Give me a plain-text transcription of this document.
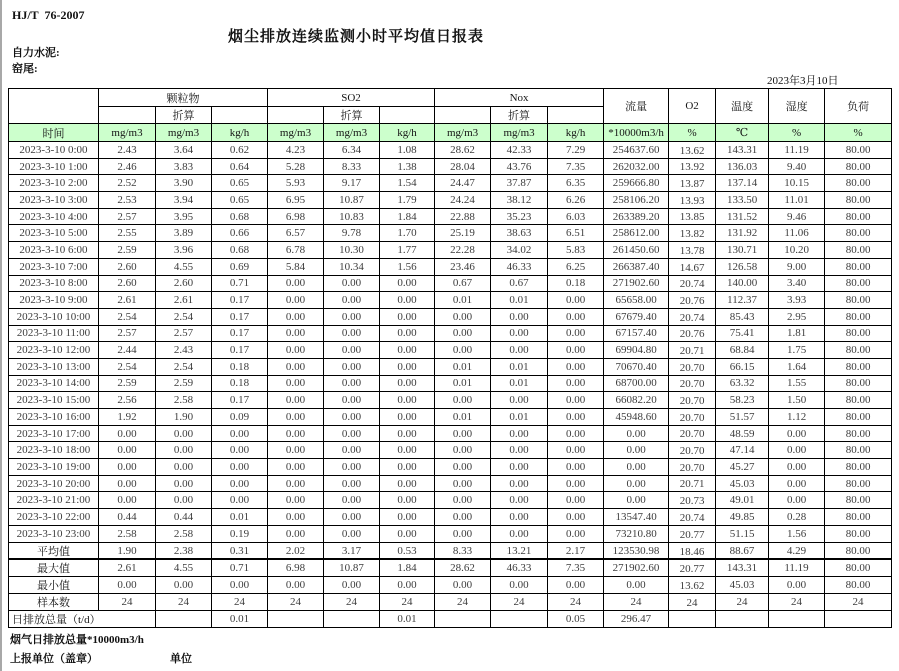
HJ/T  76-2007
烟尘排放连续监测小时平均值日报表
自力水泥:
窑尾:
2023年3月10日
	颗粒物			SO2			Nox			流量	O2	温度	湿度	负荷
		折算			折算			折算						
时间	mg/m3	mg/m3	kg/h	mg/m3	mg/m3	kg/h	mg/m3	mg/m3	kg/h	*10000m3/h	%	℃	%	%
2023-3-10 0:00	2.43	3.64	0.62	4.23	6.34	1.08	28.62	42.33	7.29	254637.60	13.62	143.31	11.19	80.00
2023-3-10 1:00	2.46	3.83	0.64	5.28	8.33	1.38	28.04	43.76	7.35	262032.00	13.92	136.03	9.40	80.00
2023-3-10 2:00	2.52	3.90	0.65	5.93	9.17	1.54	24.47	37.87	6.35	259666.80	13.87	137.14	10.15	80.00
2023-3-10 3:00	2.53	3.94	0.65	6.95	10.87	1.79	24.24	38.12	6.26	258106.20	13.93	133.50	11.01	80.00
2023-3-10 4:00	2.57	3.95	0.68	6.98	10.83	1.84	22.88	35.23	6.03	263389.20	13.85	131.52	9.46	80.00
2023-3-10 5:00	2.55	3.89	0.66	6.57	9.78	1.70	25.19	38.63	6.51	258612.00	13.82	131.92	11.06	80.00
2023-3-10 6:00	2.59	3.96	0.68	6.78	10.30	1.77	22.28	34.02	5.83	261450.60	13.78	130.71	10.20	80.00
2023-3-10 7:00	2.60	4.55	0.69	5.84	10.34	1.56	23.46	46.33	6.25	266387.40	14.67	126.58	9.00	80.00
2023-3-10 8:00	2.60	2.60	0.71	0.00	0.00	0.00	0.67	0.67	0.18	271902.60	20.74	140.00	3.40	80.00
2023-3-10 9:00	2.61	2.61	0.17	0.00	0.00	0.00	0.01	0.01	0.00	65658.00	20.76	112.37	3.93	80.00
2023-3-10 10:00	2.54	2.54	0.17	0.00	0.00	0.00	0.00	0.00	0.00	67679.40	20.74	85.43	2.95	80.00
2023-3-10 11:00	2.57	2.57	0.17	0.00	0.00	0.00	0.00	0.00	0.00	67157.40	20.76	75.41	1.81	80.00
2023-3-10 12:00	2.44	2.43	0.17	0.00	0.00	0.00	0.00	0.00	0.00	69904.80	20.71	68.84	1.75	80.00
2023-3-10 13:00	2.54	2.54	0.18	0.00	0.00	0.00	0.01	0.01	0.00	70670.40	20.70	66.15	1.64	80.00
2023-3-10 14:00	2.59	2.59	0.18	0.00	0.00	0.00	0.01	0.01	0.00	68700.00	20.70	63.32	1.55	80.00
2023-3-10 15:00	2.56	2.58	0.17	0.00	0.00	0.00	0.00	0.00	0.00	66082.20	20.70	58.23	1.50	80.00
2023-3-10 16:00	1.92	1.90	0.09	0.00	0.00	0.00	0.01	0.01	0.00	45948.60	20.70	51.57	1.12	80.00
2023-3-10 17:00	0.00	0.00	0.00	0.00	0.00	0.00	0.00	0.00	0.00	0.00	20.70	48.59	0.00	80.00
2023-3-10 18:00	0.00	0.00	0.00	0.00	0.00	0.00	0.00	0.00	0.00	0.00	20.70	47.14	0.00	80.00
2023-3-10 19:00	0.00	0.00	0.00	0.00	0.00	0.00	0.00	0.00	0.00	0.00	20.70	45.27	0.00	80.00
2023-3-10 20:00	0.00	0.00	0.00	0.00	0.00	0.00	0.00	0.00	0.00	0.00	20.71	45.03	0.00	80.00
2023-3-10 21:00	0.00	0.00	0.00	0.00	0.00	0.00	0.00	0.00	0.00	0.00	20.73	49.01	0.00	80.00
2023-3-10 22:00	0.44	0.44	0.01	0.00	0.00	0.00	0.00	0.00	0.00	13547.40	20.74	49.85	0.28	80.00
2023-3-10 23:00	2.58	2.58	0.19	0.00	0.00	0.00	0.00	0.00	0.00	73210.80	20.77	51.15	1.56	80.00

平均值	1.90	2.38	0.31	2.02	3.17	0.53	8.33	13.21	2.17	123530.98	18.46	88.67	4.29	80.00
最大值	2.61	4.55	0.71	6.98	10.87	1.84	28.62	46.33	7.35	271902.60	20.77	143.31	11.19	80.00
最小值	0.00	0.00	0.00	0.00	0.00	0.00	0.00	0.00	0.00	0.00	13.62	45.03	0.00	80.00
样本数	24	24	24	24	24	24	24	24	24	24	24	24	24	24
日排放总量（t/d）			0.01			0.01			0.05	296.47				
烟气日排放总量*10000m3/h
上报单位（盖章）	单位
